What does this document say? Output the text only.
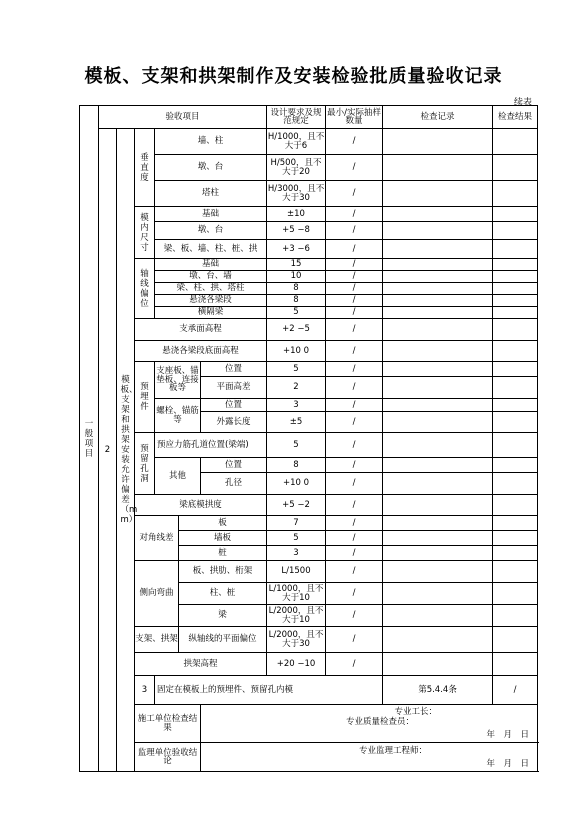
模板、支架和拱架制作及安装检验批质量验收记录
续表
一般项目	验收项目						设计要求及规范规定	最小/实际抽样数量	检查记录	检查结果	
	2	模板、支架和拱架安装允许偏差（mm）	垂直度	墙、柱			H/1000，且不大于6	/			
				墩、台			H/500，且不大于20	/			
				塔柱			H/3000，且不大于30	/			
			模内尺寸	基础			±10	/			
				墩、台			+5 −8	/			
				梁、板、墙、柱、桩、拱			+3 −6	/			
			轴线偏位	基础			15	/			
				墩、台、墙			10	/			
				梁、柱、拱、塔柱			8	/			
				悬浇各梁段			8	/			
				横隔梁			5	/			
			支承面高程				+2 −5	/			
			悬浇各梁段底面高程				+10 0	/			
			预埋件	支座板、锚垫板、连接板等		位置	5	/			
						平面高差	2	/			
				螺栓、锚筋等		位置	3	/			
						外露长度	±5	/			
			预留孔洞	预应力筋孔道位置(梁端)			5	/			
				其他		位置	8	/			
						孔径	+10 0	/			
			梁底模拱度				+5 −2	/			
			对角线差		板		7	/			
					墙板		5	/			
					桩		3	/			
			侧向弯曲		板、拱肋、桁架		L/1500	/			
					柱、桩		L/1000，且不大于10	/			
					梁		L/2000，且不大于10	/			
			支架、拱架		纵轴线的平面偏位		L/2000，且不大于30	/			
			拱架高程				+20 −10	/			
			3	固定在模板上的预埋件、预留孔内模					第5.4.4条	/		
			施工单位检查结果			专业工长：
专业质量检查员：
年　月　日					

			监理单位验收结论			专业监理工程师：
年　月　日					
